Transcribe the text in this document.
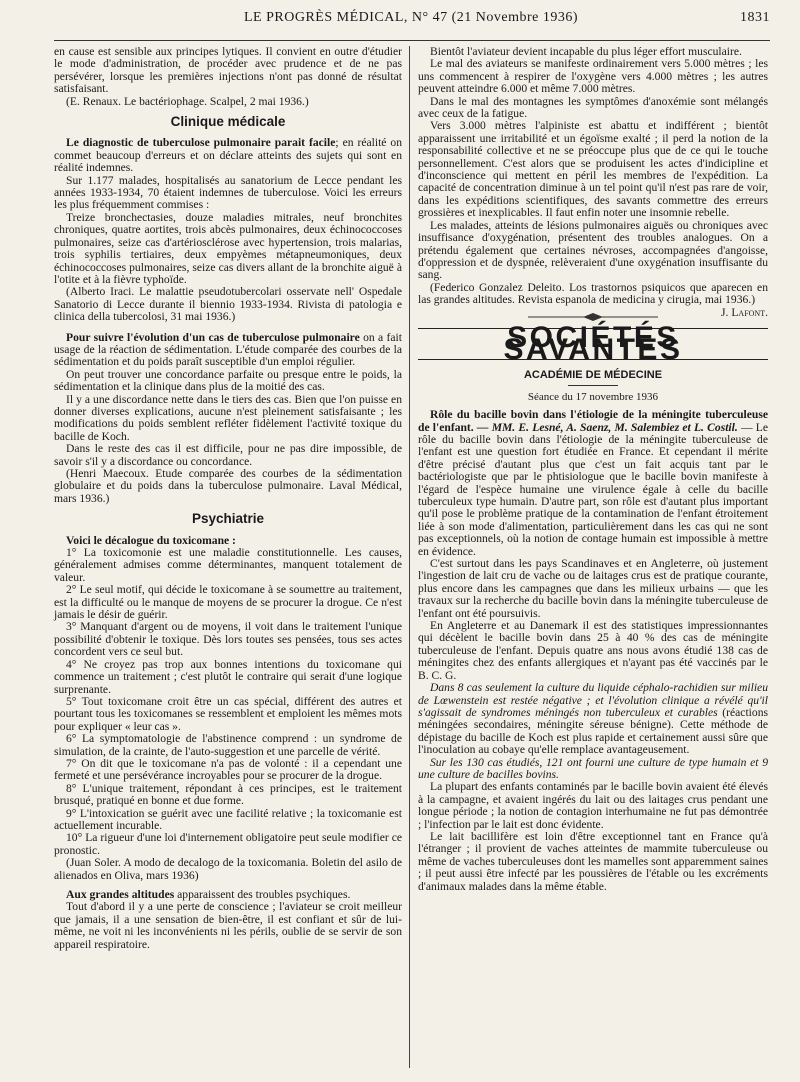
LE PROGRÈS MÉDICAL, N° 47 (21 Novembre 1936)	1831

en cause est sensible aux principes lytiques. Il convient en outre d'étudier le mode d'administration, de procéder avec prudence et de ne pas persévérer, lorsque les premières injections n'ont pas donné de résultat satisfaisant.

(E. Renaux. Le bactériophage. Scalpel, 2 mai 1936.)

Clinique médicale

Le diagnostic de tuberculose pulmonaire parait facile; en réalité on commet beaucoup d'erreurs et on déclare atteints des sujets qui sont en réalité indemnes.

Sur 1.177 malades, hospitalisés au sanatorium de Lecce pendant les années 1933-1934, 70 étaient indemnes de tuberculose. Voici les erreurs les plus fréquemment commises :

Treize bronchectasies, douze maladies mitrales, neuf bronchites chroniques, quatre aortites, trois abcès pulmonaires, deux échinococcoses pulmonaires, seize cas d'artériosclérose avec hypertension, trois malarias, trois syphilis tertiaires, deux empyèmes métapneumoniques, deux échinococcoses pulmonaires, seize cas divers allant de la bronchite aiguë à l'otite et à la fièvre typhoïde.

(Alberto Iraci. Le malattie pseudotubercolari osservate nell' Ospedale Sanatorio di Lecce durante il biennio 1933-1934. Rivista di patologia e clinica della tubercolosi, 31 mai 1936.)

Pour suivre l'évolution d'un cas de tuberculose pulmonaire on a fait usage de la réaction de sédimentation. L'étude comparée des courbes de la sédimentation et du poids paraît susceptible d'un emploi régulier.

On peut trouver une concordance parfaite ou presque entre le poids, la sédimentation et la clinique dans plus de la moitié des cas.

Il y a une discordance nette dans le tiers des cas. Bien que l'on puisse en donner diverses explications, aucune n'est pleinement satisfaisante ; les modifications du poids semblent refléter fidèlement l'activité toxique du bacille de Koch.

Dans le reste des cas il est difficile, pour ne pas dire impossible, de savoir s'il y a discordance ou concordance.

(Henri Maecoux. Etude comparée des courbes de la sédimentation globulaire et du poids dans la tuberculose pulmonaire. Laval Médical, mars 1936.)

Psychiatrie

Voici le décalogue du toxicomane :

1° La toxicomonie est une maladie constitutionnelle. Les causes, généralement admises comme déterminantes, manquent totalement de valeur.

2° Le seul motif, qui décide le toxicomane à se soumettre au traitement, est la difficulté ou le manque de moyens de se procurer la drogue. Ce n'est jamais le désir de guérir.

3° Manquant d'argent ou de moyens, il voit dans le traitement l'unique possibilité d'obtenir le toxique. Dès lors toutes ses pensées, tous ses actes concordent vers ce seul but.

4° Ne croyez pas trop aux bonnes intentions du toxicomane qui commence un traitement ; c'est plutôt le contraire qui serait d'une logique surprenante.

5° Tout toxicomane croit être un cas spécial, différent des autres et pourtant tous les toxicomanes se ressemblent et emploient les mêmes mots pour expliquer « leur cas ».

6° La symptomatologie de l'abstinence comprend : un syndrome de simulation, de la crainte, de l'auto-suggestion et une parcelle de vérité.

7° On dit que le toxicomane n'a pas de volonté : il a cependant une fermeté et une persévérance incroyables pour se procurer de la drogue.

8° L'unique traitement, répondant à ces principes, est le traitement brusqué, pratiqué en bonne et due forme.

9° L'intoxication se guérit avec une facilité relative ; la toxicomanie est actuellement incurable.

10° La rigueur d'une loi d'internement obligatoire peut seule modifier ce pronostic.

(Juan Soler. A modo de decalogo de la toxicomania. Boletin del asilo de alienados en Oliva, mars 1936)

Aux grandes altitudes apparaissent des troubles psychiques.

Tout d'abord il y a une perte de conscience ; l'aviateur se croit meilleur que jamais, il a une sensation de bien-être, il est confiant et sûr de lui-même, ne voit ni les inconvénients ni les périls, oublie de se servir de son appareil respiratoire.

Bientôt l'aviateur devient incapable du plus léger effort musculaire.

Le mal des aviateurs se manifeste ordinairement vers 5.000 mètres ; les uns commencent à respirer de l'oxygène vers 4.000 mètres ; les autres peuvent atteindre 6.000 et même 7.000 mètres.

Dans le mal des montagnes les symptômes d'anoxémie sont mélangés avec ceux de la fatigue.

Vers 3.000 mètres l'alpiniste est abattu et indifférent ; bientôt apparaissent une irritabilité et un égoïsme exalté ; il perd la notion de la responsabilité collective et ne se préoccupe plus que de ce qui le touche personnellement. C'est alors que se produisent les actes d'indicipline et d'inconscience qui mettent en péril les membres de l'expédition. La capacité de concentration diminue à un tel point qu'il n'est pas rare de voir, dans les expéditions scientifiques, des savants commettre des erreurs grossières et inexplicables. Il faut enfin noter une insomnie rebelle.

Les malades, atteints de lésions pulmonaires aiguës ou chroniques avec insuffisance d'oxygénation, présentent des troubles analogues. On a prétendu également que certaines névroses, accompagnées d'angoisse, d'oppression et de dyspnée, relèveraient d'une oxygénation insuffisante du sang.

(Federico Gonzalez Deleito. Los trastornos psiquicos que aparecen en las grandes altitudes. Revista espanola de medicina y cirugia, mai 1936.)
J. Lafont.

SOCIÉTÉS SAVANTES
ACADÉMIE DE MÉDECINE
Séance du 17 novembre 1936

Rôle du bacille bovin dans l'étiologie de la méningite tuberculeuse de l'enfant. — MM. E. Lesné, A. Saenz, M. Salembiez et L. Costil. — Le rôle du bacille bovin dans l'étiologie de la méningite tuberculeuse de l'enfant est une question fort étudiée en France. Et cependant il mérite d'être précisé d'autant plus que c'est un fait acquis tant par le bactériologiste que par le phtisiologue que le bacille bovin manifeste à l'égard de l'espèce humaine une virulence égale à celle du bacille tuberculeux type humain. D'autre part, son rôle est d'autant plus important qu'il pose le problème pratique de la contamination de l'enfant étroitement liée à son mode d'alimentation, particulièrement dans les cas qui ne sont pas exceptionnels, où la notion de contage humain est impossible à mettre en évidence.

C'est surtout dans les pays Scandinaves et en Angleterre, où justement l'ingestion de lait cru de vache ou de laitages crus est de pratique courante, plus encore dans les campagnes que dans les milieux urbains — que les travaux sur la recherche du bacille bovin dans la méningite tuberculeuse de l'enfant ont été poursuivis.

En Angleterre et au Danemark il est des statistiques impressionnantes qui décèlent le bacille bovin dans 25 à 40 % des cas de méningite tuberculeuse de l'enfant. Depuis quatre ans nous avons étudié 138 cas de méningites chez des enfants allergiques et n'ayant pas été vaccinés par le B. C. G.

Dans 8 cas seulement la culture du liquide céphalo-rachidien sur milieu de Lœwenstein est restée négative ; et l'évolution clinique a révélé qu'il s'agissait de syndromes méningés non tuberculeux et curables (réactions méningées secondaires, méningite séreuse bénigne). Cette méthode de dépistage du bacille de Koch est plus rapide et certainement aussi sûre que l'inoculation au cobaye qu'elle remplace avantageusement.

Sur les 130 cas étudiés, 121 ont fourni une culture de type humain et 9 une culture de bacilles bovins.

La plupart des enfants contaminés par le bacille bovin avaient été élevés à la campagne, et avaient ingérés du lait ou des laitages crus pendant une longue période ; la notion de contagion interhumaine ne fut pas démontrée ; l'infection par le lait est donc évidente.

Le lait bacillifère est loin d'être exceptionnel tant en France qu'à l'étranger ; il provient de vaches atteintes de mammite tuberculeuse ou même de vaches tuberculeuses dont les mamelles sont apparemment saines ; il peut aussi être infecté par les poussières de l'étable ou les excréments d'animaux malades dans la même étable.
